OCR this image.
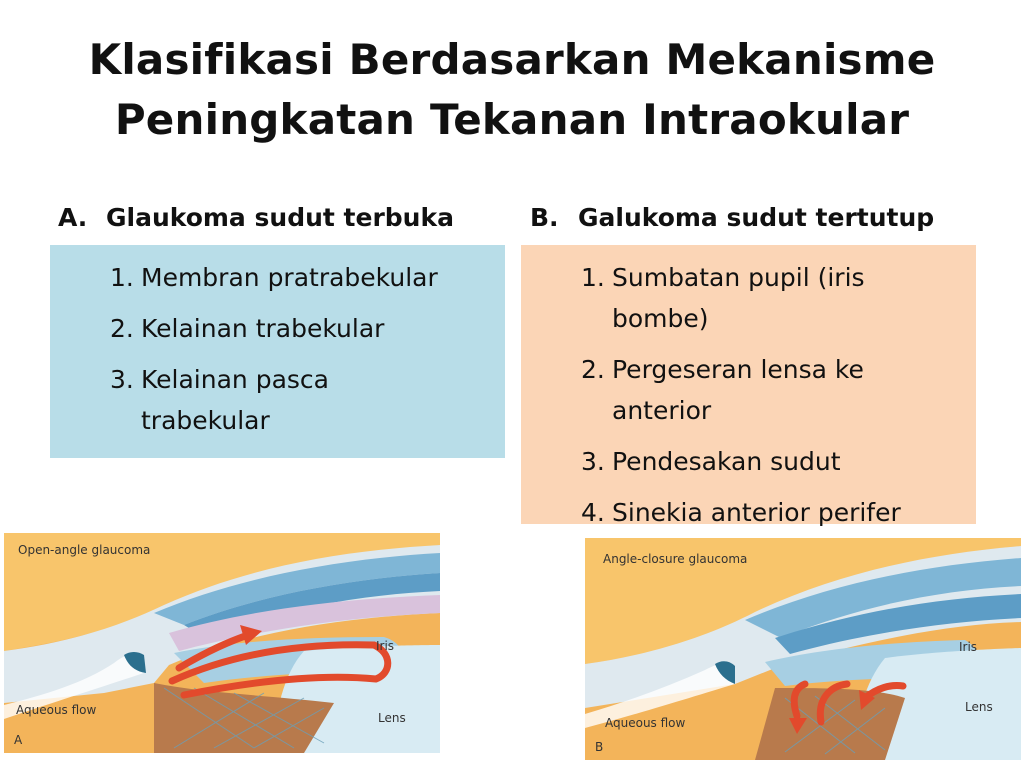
Klasifikasi Berdasarkan Mekanisme
Peningkatan Tekanan Intraokular
A. Glaukoma sudut terbuka
1. Membran pratrabekular
2. Kelainan trabekular
3. Kelainan pasca trabekular
B. Galukoma sudut tertutup
1. Sumbatan pupil (iris bombe)
2. Pergeseran lensa ke anterior
3. Pendesakan sudut
4. Sinekia anterior perifer
Open-angle glaucoma
Iris
Lens
Aqueous flow
A
Angle-closure glaucoma
Iris
Lens
Aqueous flow
B
